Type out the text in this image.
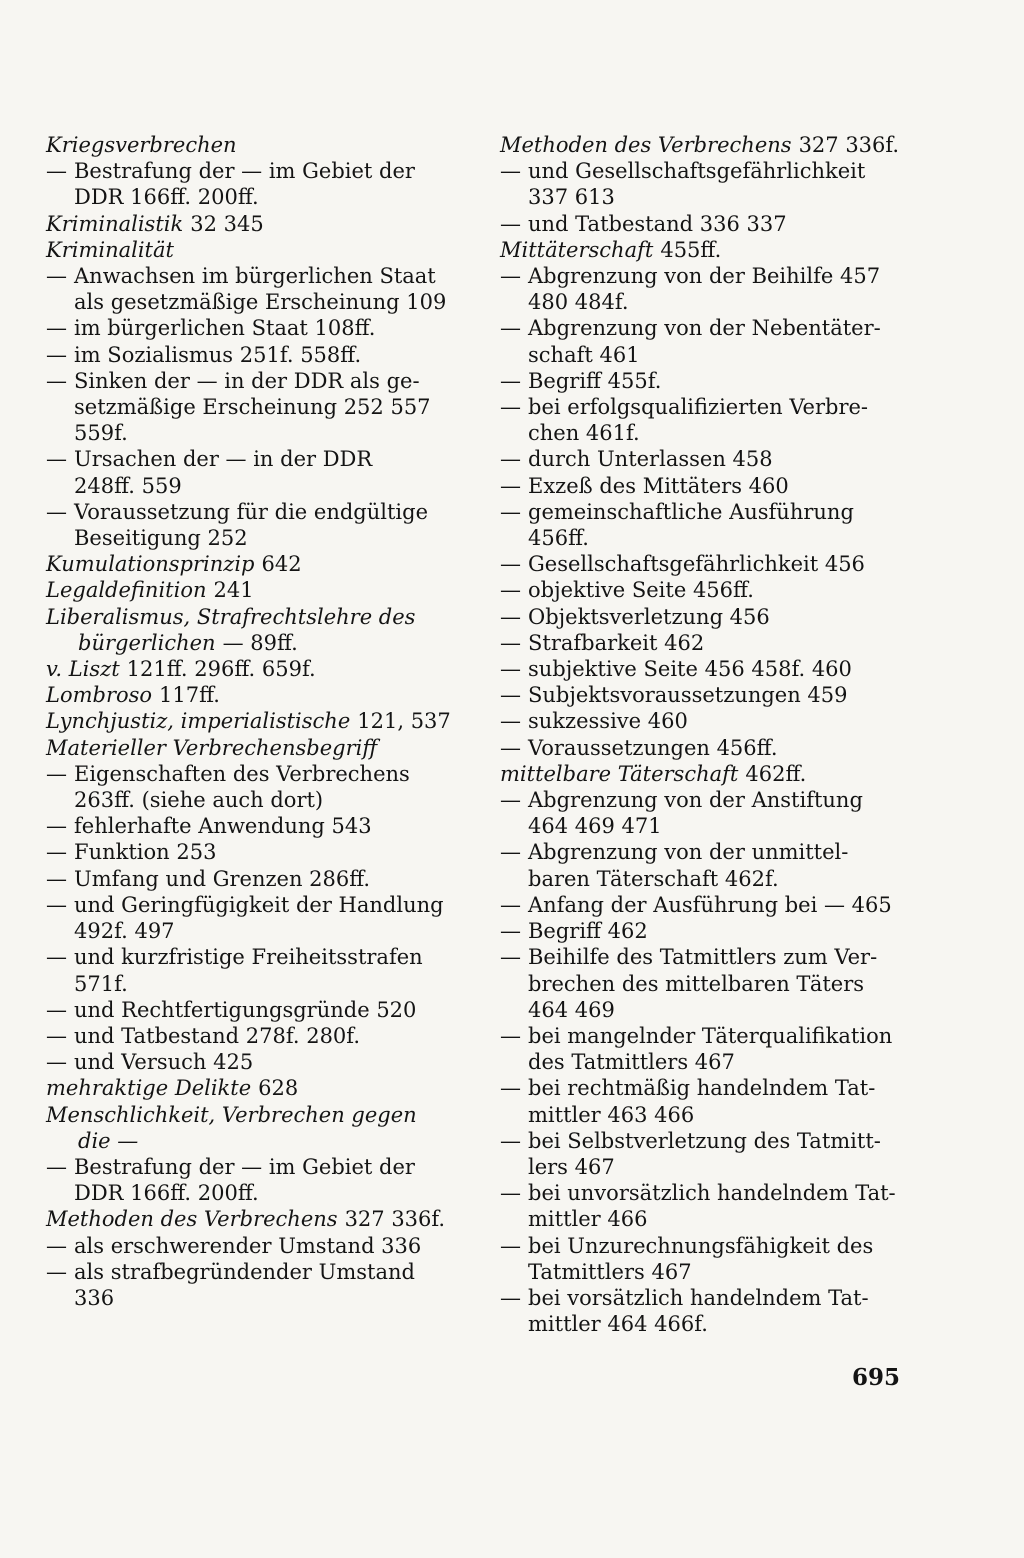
Kriegsverbrechen
— Bestrafung der — im Gebiet der
DDR 166ff. 200ff.
Kriminalistik 32 345
Kriminalität
— Anwachsen im bürgerlichen Staat
als gesetzmäßige Erscheinung 109
— im bürgerlichen Staat 108ff.
— im Sozialismus 251f. 558ff.
— Sinken der — in der DDR als ge-
setzmäßige Erscheinung 252 557
559f.
— Ursachen der — in der DDR
248ff. 559
— Voraussetzung für die endgültige
Beseitigung 252
Kumulationsprinzip 642
Legaldefinition 241
Liberalismus, Strafrechtslehre des
bürgerlichen — 89ff.
v. Liszt 121ff. 296ff. 659f.
Lombroso 117ff.
Lynchjustiz, imperialistische 121, 537
Materieller Verbrechensbegriff
— Eigenschaften des Verbrechens
263ff. (siehe auch dort)
— fehlerhafte Anwendung 543
— Funktion 253
— Umfang und Grenzen 286ff.
— und Geringfügigkeit der Handlung
492f. 497
— und kurzfristige Freiheitsstrafen
571f.
— und Rechtfertigungsgründe 520
— und Tatbestand 278f. 280f.
— und Versuch 425
mehraktige Delikte 628
Menschlichkeit, Verbrechen gegen
die —
— Bestrafung der — im Gebiet der
DDR 166ff. 200ff.
Methoden des Verbrechens 327 336f.
— als erschwerender Umstand 336
— als strafbegründender Umstand
336
Methoden des Verbrechens 327 336f.
— und Gesellschaftsgefährlichkeit
337 613
— und Tatbestand 336 337
Mittäterschaft 455ff.
— Abgrenzung von der Beihilfe 457
480 484f.
— Abgrenzung von der Nebentäter-
schaft 461
— Begriff 455f.
— bei erfolgsqualifizierten Verbre-
chen 461f.
— durch Unterlassen 458
— Exzeß des Mittäters 460
— gemeinschaftliche Ausführung
456ff.
— Gesellschaftsgefährlichkeit 456
— objektive Seite 456ff.
— Objektsverletzung 456
— Strafbarkeit 462
— subjektive Seite 456 458f. 460
— Subjektsvoraussetzungen 459
— sukzessive 460
— Voraussetzungen 456ff.
mittelbare Täterschaft 462ff.
— Abgrenzung von der Anstiftung
464 469 471
— Abgrenzung von der unmittel-
baren Täterschaft 462f.
— Anfang der Ausführung bei — 465
— Begriff 462
— Beihilfe des Tatmittlers zum Ver-
brechen des mittelbaren Täters
464 469
— bei mangelnder Täterqualifikation
des Tatmittlers 467
— bei rechtmäßig handelndem Tat-
mittler 463 466
— bei Selbstverletzung des Tatmitt-
lers 467
— bei unvorsätzlich handelndem Tat-
mittler 466
— bei Unzurechnungsfähigkeit des
Tatmittlers 467
— bei vorsätzlich handelndem Tat-
mittler 464 466f.
695
